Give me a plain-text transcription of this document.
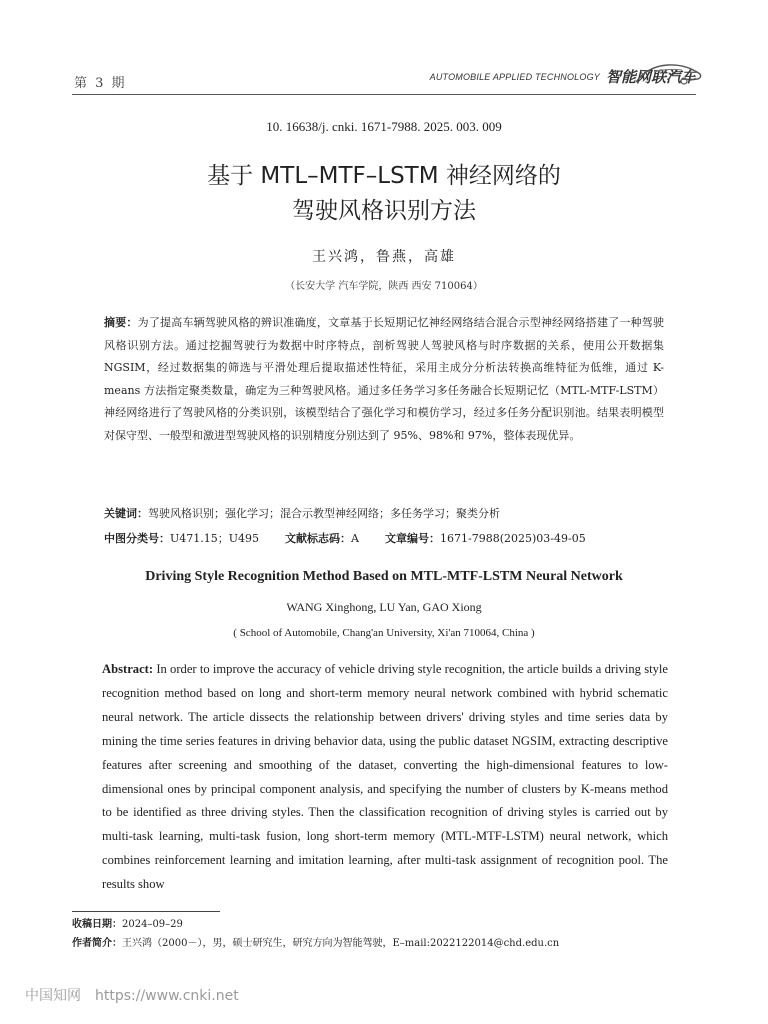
第 3 期	AUTOMOBILE APPLIED TECHNOLOGY 智能网联汽车
10. 16638/j. cnki. 1671-7988. 2025. 003. 009
基于 MTL–MTF–LSTM 神经网络的
驾驶风格识别方法
王兴鸿，鲁燕，高雄
（长安大学 汽车学院，陕西 西安 710064）

摘要：为了提高车辆驾驶风格的辨识准确度，文章基于长短期记忆神经网络结合混合示型神经网络搭建了一种驾驶风格识别方法。通过挖掘驾驶行为数据中时序特点，剖析驾驶人驾驶风格与时序数据的关系，使用公开数据集 NGSIM，经过数据集的筛选与平滑处理后提取描述性特征，采用主成分分析法转换高维特征为低维，通过 K-means 方法指定聚类数量，确定为三种驾驶风格。通过多任务学习多任务融合长短期记忆（MTL-MTF-LSTM）神经网络进行了驾驶风格的分类识别，该模型结合了强化学习和模仿学习，经过多任务分配识别池。结果表明模型对保守型、一般型和激进型驾驶风格的识别精度分别达到了 95%、98%和 97%，整体表现优异。

关键词：驾驶风格识别；强化学习；混合示教型神经网络；多任务学习；聚类分析
中图分类号：U471.15；U495 文献标志码：A 文章编号：1671-7988(2025)03-49-05
Driving Style Recognition Method Based on MTL-MTF-LSTM Neural Network
WANG Xinghong, LU Yan, GAO Xiong
( School of Automobile, Chang'an University, Xi'an 710064, China )

Abstract: In order to improve the accuracy of vehicle driving style recognition, the article builds a driving style recognition method based on long and short-term memory neural network combined with hybrid schematic neural network. The article dissects the relationship between drivers' driving styles and time series data by mining the time series features in driving behavior data, using the public dataset NGSIM, extracting descriptive features after screening and smoothing of the dataset, converting the high-dimensional features to low-dimensional ones by principal component analysis, and specifying the number of clusters by K-means method to be identified as three driving styles. Then the classification recognition of driving styles is carried out by multi-task learning, multi-task fusion, long short-term memory (MTL-MTF-LSTM) neural network, which combines reinforcement learning and imitation learning, after multi-task assignment of recognition pool. The results show

收稿日期：2024–09–29
作者简介：王兴鸿（2000－），男，硕士研究生，研究方向为智能驾驶，E–mail:2022122014@chd.edu.cn
中国知网 https://www.cnki.net
